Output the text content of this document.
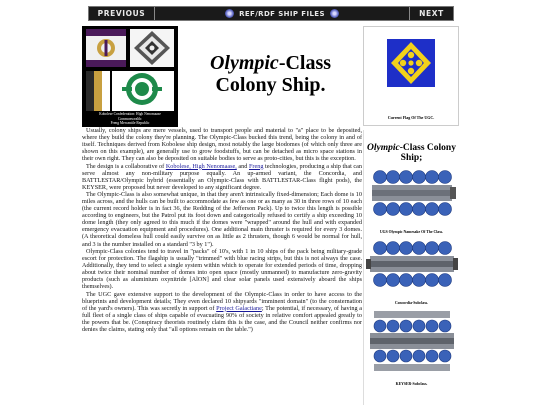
PREVIOUS	REF/RDF SHIP FILES	NEXT
Kobolese Confederation: High Nenomaase
Commonwealth:
Freng Mercantile Republic
Olympic-Class
Colony Ship.
Current Flag Of The UGC.

Usually, colony ships are mere vessels, used to transport people and material to "a" place to be deposited, where they build the colony they're planning. The Olympic-Class bucked this trend, being the colony in and of itself. Techniques derived from Kobolese ship design, most notably the large biodomes (of which only three are shown on this example), are generally use to grow foodstuffs, but can be detached as micro space stations in their own right. They can also be deposited on suitable bodies to serve as proto-cities, but this is the exception.

The design is a collaborative of Kobolese, High Nenomaase, and Freng technologies, producing a ship that can serve almost any non-military purpose equally. An up-armed variant, the Concordia, and BATTLESTAR/Olympic hybrid (essentially an Olympic-Class with BATTLESTAR-Class flight pods), the KEYSER, were proposed but never developed to any significant degree.

The Olympic-Class is also somewhat unique, in that they aren't intrinsically fixed-dimension; Each dome is 10 miles across, and the hulls can be built to accommodate as few as one or as many as 30 in three rows of 10 each (the current record holder is in fact 36, the Redding of the Jefferson Pack). Up to twice this length is possible according to engineers, but the Patrol put its foot down and categorically refused to certify a ship exceeding 10 dome length (they only agreed to this much if the domes were "wrapped" around the hull and with expanded emergency evacuation equipment and procedures). One additional main thruster is required for every 3 domes. (A theoretical domeless hull could easily survive on as little as 2 thrusters, though 6 would be normal for hull, and 3 is the number installed on a standard "3 by 1").

Olympic-Class colonies tend to travel in "packs" of 10's, with 1 in 10 ships of the pack being military-grade escort for protection. The flagship is usually "trimmed" with blue racing strips, but this is not always the case. Additionally, they tend to select a single system within which to operate for extended periods of time, dropping about twice their nominal number of domes into open space (mostly unmanned) to manufacture zero-gravity products (such as aluminium oxynitride [AlON] and clear solar panels used extensively aboard the ships themselves).

The UGC gave extensive support to the development of the Olympic-Class in order to have access to the blueprints and development details; They even declared 10 shipyards "imminent domain" (to the consternation of the yard's owners). This was secretly in support of Project Galactiane; The potential, if necessary, of having a full fleet of a single class of ships capable of evacuating 90% of society in relative comfort appealed greatly to the powers that be. (Conspiracy theorists routinely claim this is the case, and the Council neither confirms nor denies the claims, stating only that "all options remain on the table.")

Olympic-Class Colony Ship;
UGS Olympic Namesake Of The Class.
Concordia-Subclass.
KEYSER-Subclass.
